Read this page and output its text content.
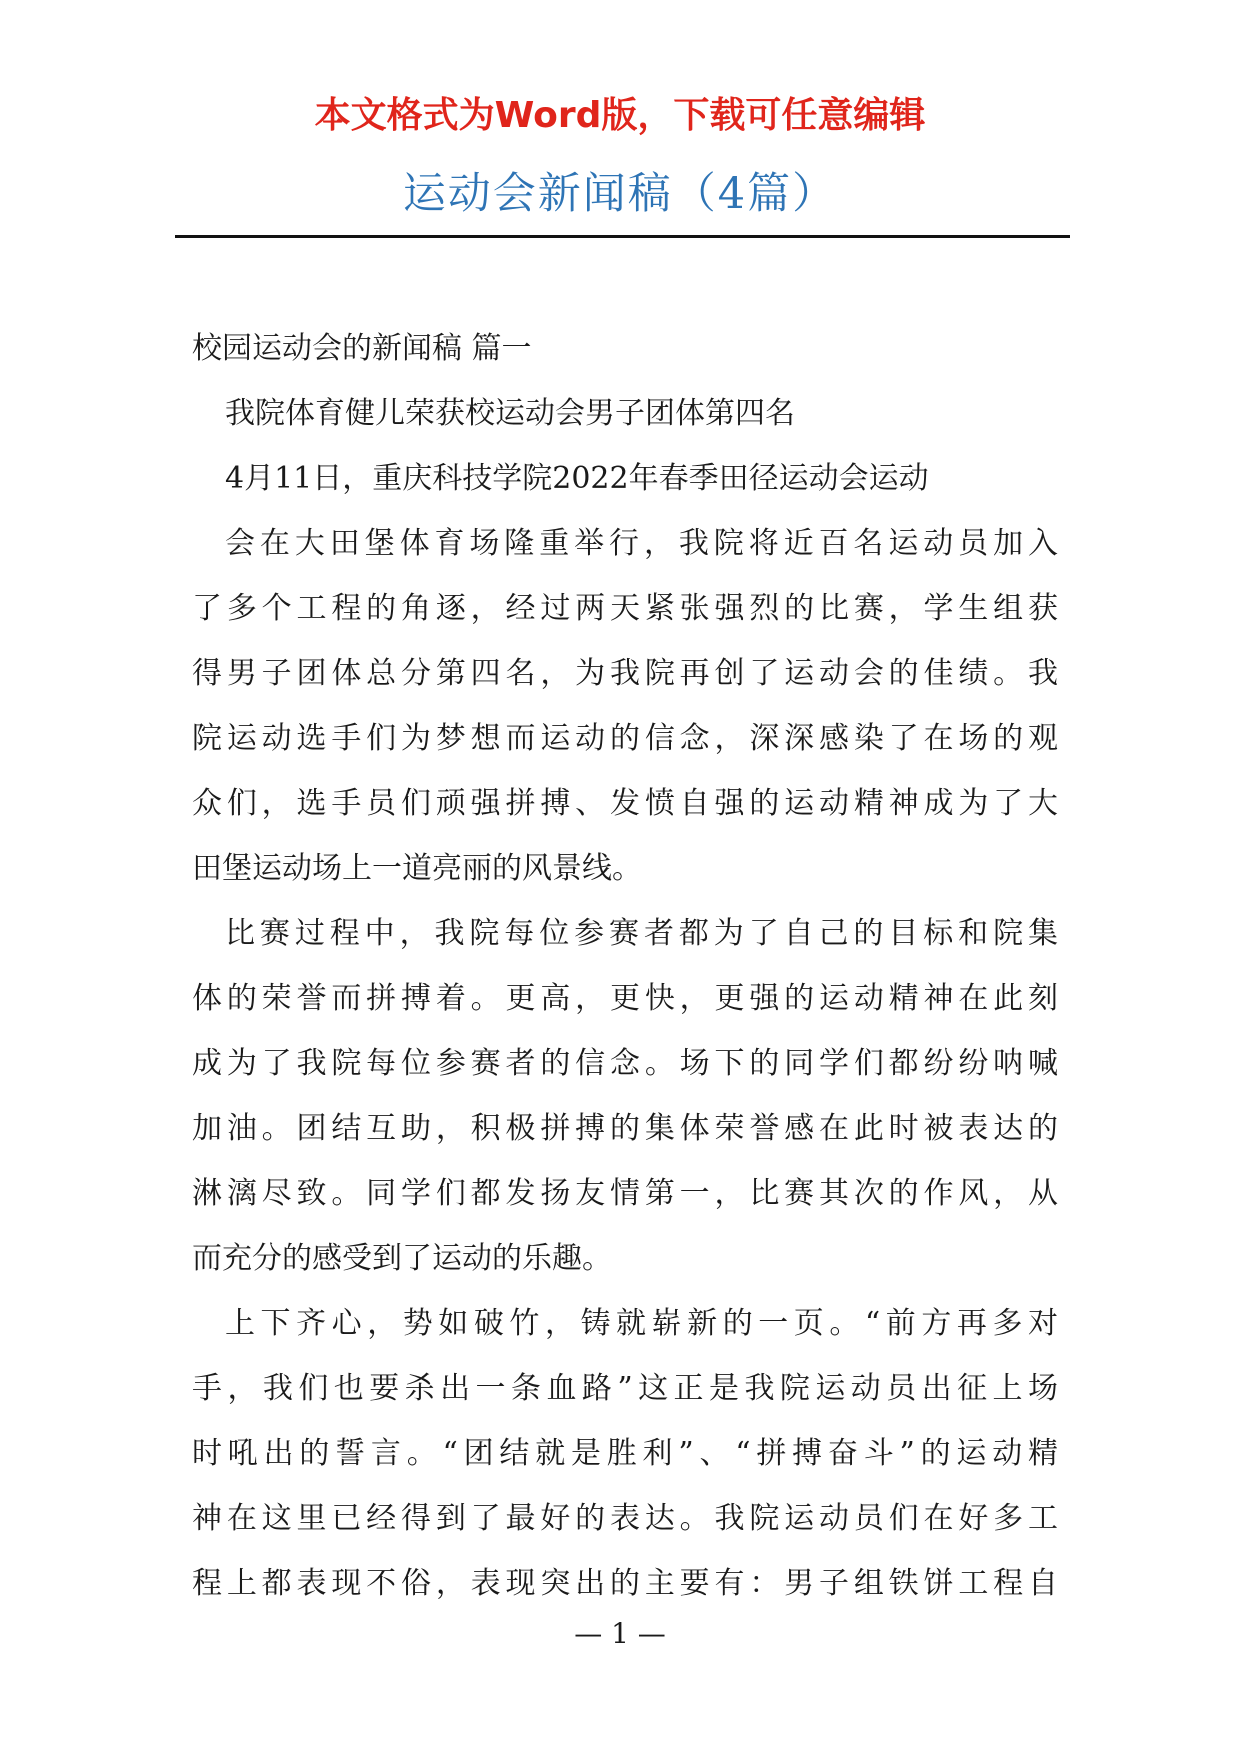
本文格式为Word版，下载可任意编辑
运动会新闻稿（4篇）
校园运动会的新闻稿 篇一
我院体育健儿荣获校运动会男子团体第四名
4月11日，重庆科技学院2022年春季田径运动会运动
会在大田堡体育场隆重举行，我院将近百名运动员加入
了多个工程的角逐，经过两天紧张强烈的比赛，学生组获
得男子团体总分第四名，为我院再创了运动会的佳绩。我
院运动选手们为梦想而运动的信念，深深感染了在场的观
众们，选手员们顽强拼搏、发愤自强的运动精神成为了大
田堡运动场上一道亮丽的风景线。
比赛过程中，我院每位参赛者都为了自己的目标和院集
体的荣誉而拼搏着。更高，更快，更强的运动精神在此刻
成为了我院每位参赛者的信念。场下的同学们都纷纷呐喊
加油。团结互助，积极拼搏的集体荣誉感在此时被表达的
淋漓尽致。同学们都发扬友情第一，比赛其次的作风，从
而充分的感受到了运动的乐趣。
上下齐心，势如破竹，铸就崭新的一页。“前方再多对
手，我们也要杀出一条血路”这正是我院运动员出征上场
时吼出的誓言。“团结就是胜利”、“拼搏奋斗”的运动精
神在这里已经得到了最好的表达。我院运动员们在好多工
程上都表现不俗，表现突出的主要有：男子组铁饼工程自
— 1 —
